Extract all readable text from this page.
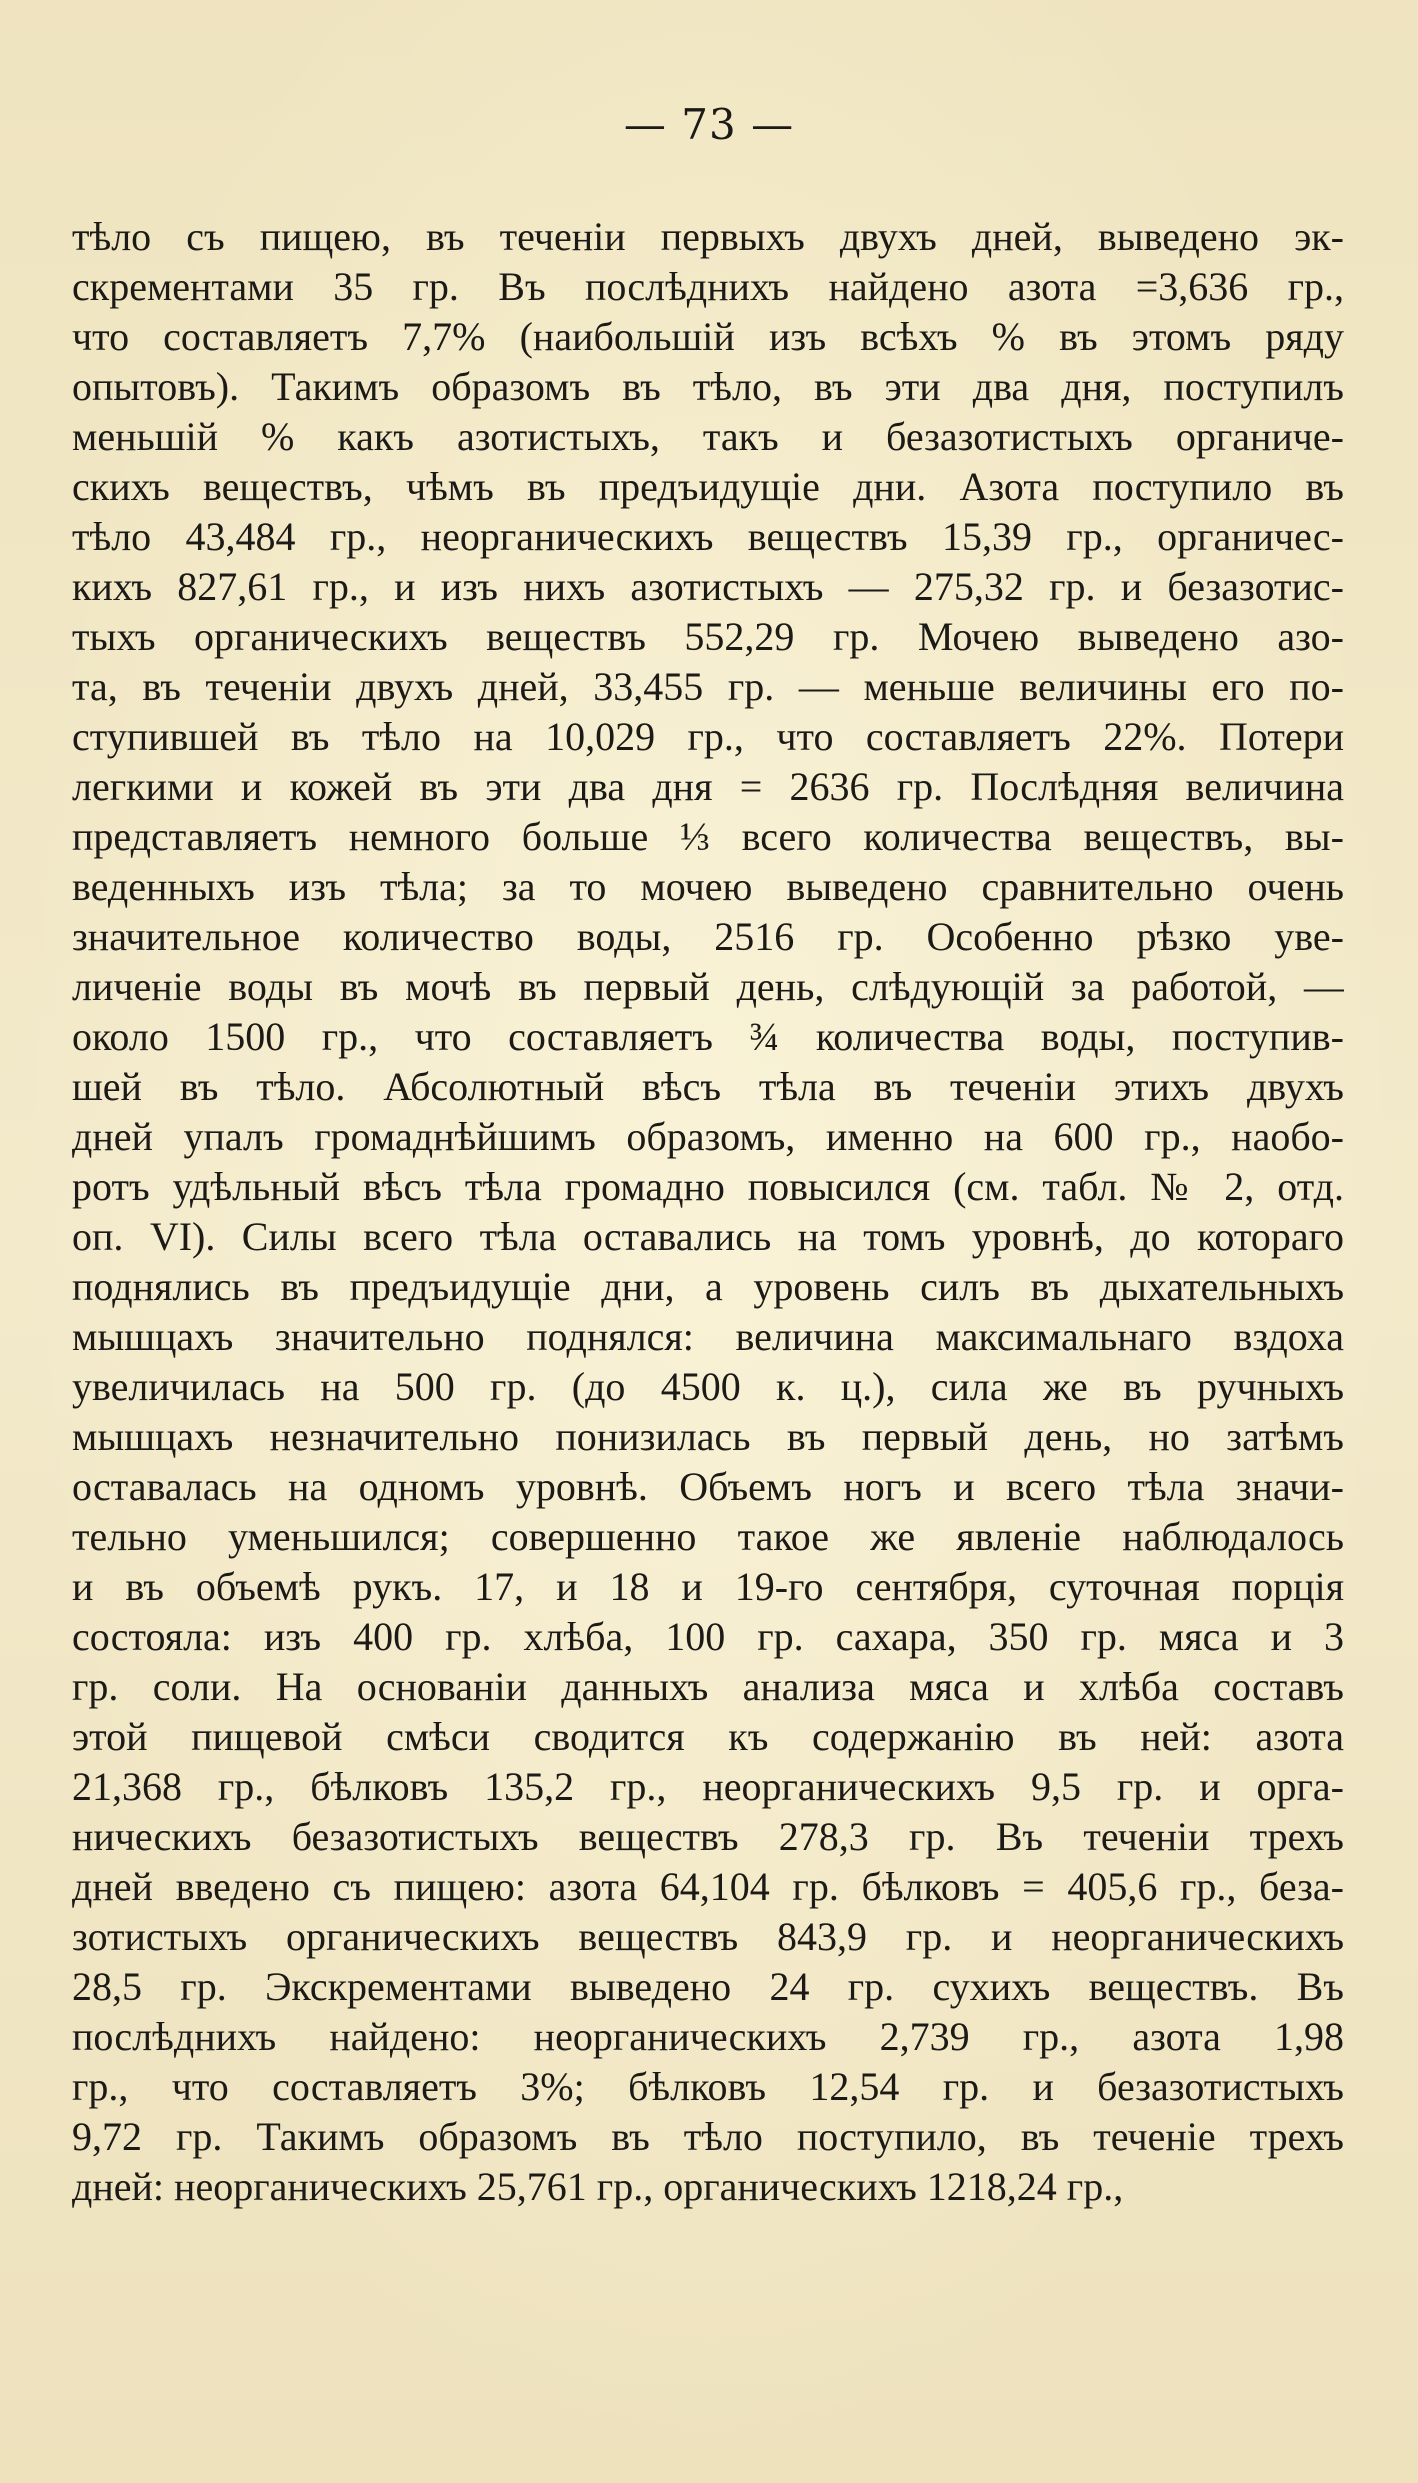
— 73 —
тѣло съ пищею, въ теченіи первыхъ двухъ дней, выведено эк-
скрементами 35 гр. Въ послѣднихъ найдено азота =3,636 гр.,
что составляетъ 7,7% (наибольшій изъ всѣхъ % въ этомъ ряду
опытовъ). Такимъ образомъ въ тѣло, въ эти два дня, поступилъ
меньшій % какъ азотистыхъ, такъ и безазотистыхъ органиче-
скихъ веществъ, чѣмъ въ предъидущіе дни. Азота поступило въ
тѣло 43,484 гр., неорганическихъ веществъ 15,39 гр., органичес-
кихъ 827,61 гр., и изъ нихъ азотистыхъ — 275,32 гр. и безазотис-
тыхъ органическихъ веществъ 552,29 гр. Мочею выведено азо-
та, въ теченіи двухъ дней, 33,455 гр. — меньше величины его по-
ступившей въ тѣло на 10,029 гр., что составляетъ 22%. Потери
легкими и кожей въ эти два дня = 2636 гр. Послѣдняя величина
представляетъ немного больше ⅓ всего количества веществъ, вы-
веденныхъ изъ тѣла; за то мочею выведено сравнительно очень
значительное количество воды, 2516 гр. Особенно рѣзко уве-
личеніе воды въ мочѣ въ первый день, слѣдующій за работой, —
около 1500 гр., что составляетъ ¾ количества воды, поступив-
шей въ тѣло. Абсолютный вѣсъ тѣла въ теченіи этихъ двухъ
дней упалъ громаднѣйшимъ образомъ, именно на 600 гр., наобо-
ротъ удѣльный вѣсъ тѣла громадно повысился (см. табл. № 2, отд.
оп. VI). Силы всего тѣла оставались на томъ уровнѣ, до котораго
поднялись въ предъидущіе дни, а уровень силъ въ дыхательныхъ
мышцахъ значительно поднялся: величина максимальнаго вздоха
увеличилась на 500 гр. (до 4500 к. ц.), сила же въ ручныхъ
мышцахъ незначительно понизилась въ первый день, но затѣмъ
оставалась на одномъ уровнѣ. Объемъ ногъ и всего тѣла значи-
тельно уменьшился; совершенно такое же явленіе наблюдалось
и въ объемѣ рукъ. 17, и 18 и 19-го сентября, суточная порція
состояла: изъ 400 гр. хлѣба, 100 гр. сахара, 350 гр. мяса и 3
гр. соли. На основаніи данныхъ анализа мяса и хлѣба составъ
этой пищевой смѣси сводится къ содержанію въ ней: азота
21,368 гр., бѣлковъ 135,2 гр., неорганическихъ 9,5 гр. и орга-
ническихъ безазотистыхъ веществъ 278,3 гр. Въ теченіи трехъ
дней введено съ пищею: азота 64,104 гр. бѣлковъ = 405,6 гр., беза-
зотистыхъ органическихъ веществъ 843,9 гр. и неорганическихъ
28,5 гр. Экскрементами выведено 24 гр. сухихъ веществъ. Въ
послѣднихъ найдено: неорганическихъ 2,739 гр., азота 1,98
гр., что составляетъ 3%; бѣлковъ 12,54 гр. и безазотистыхъ
9,72 гр. Такимъ образомъ въ тѣло поступило, въ теченіе трехъ
дней: неорганическихъ 25,761 гр., органическихъ 1218,24 гр.,
